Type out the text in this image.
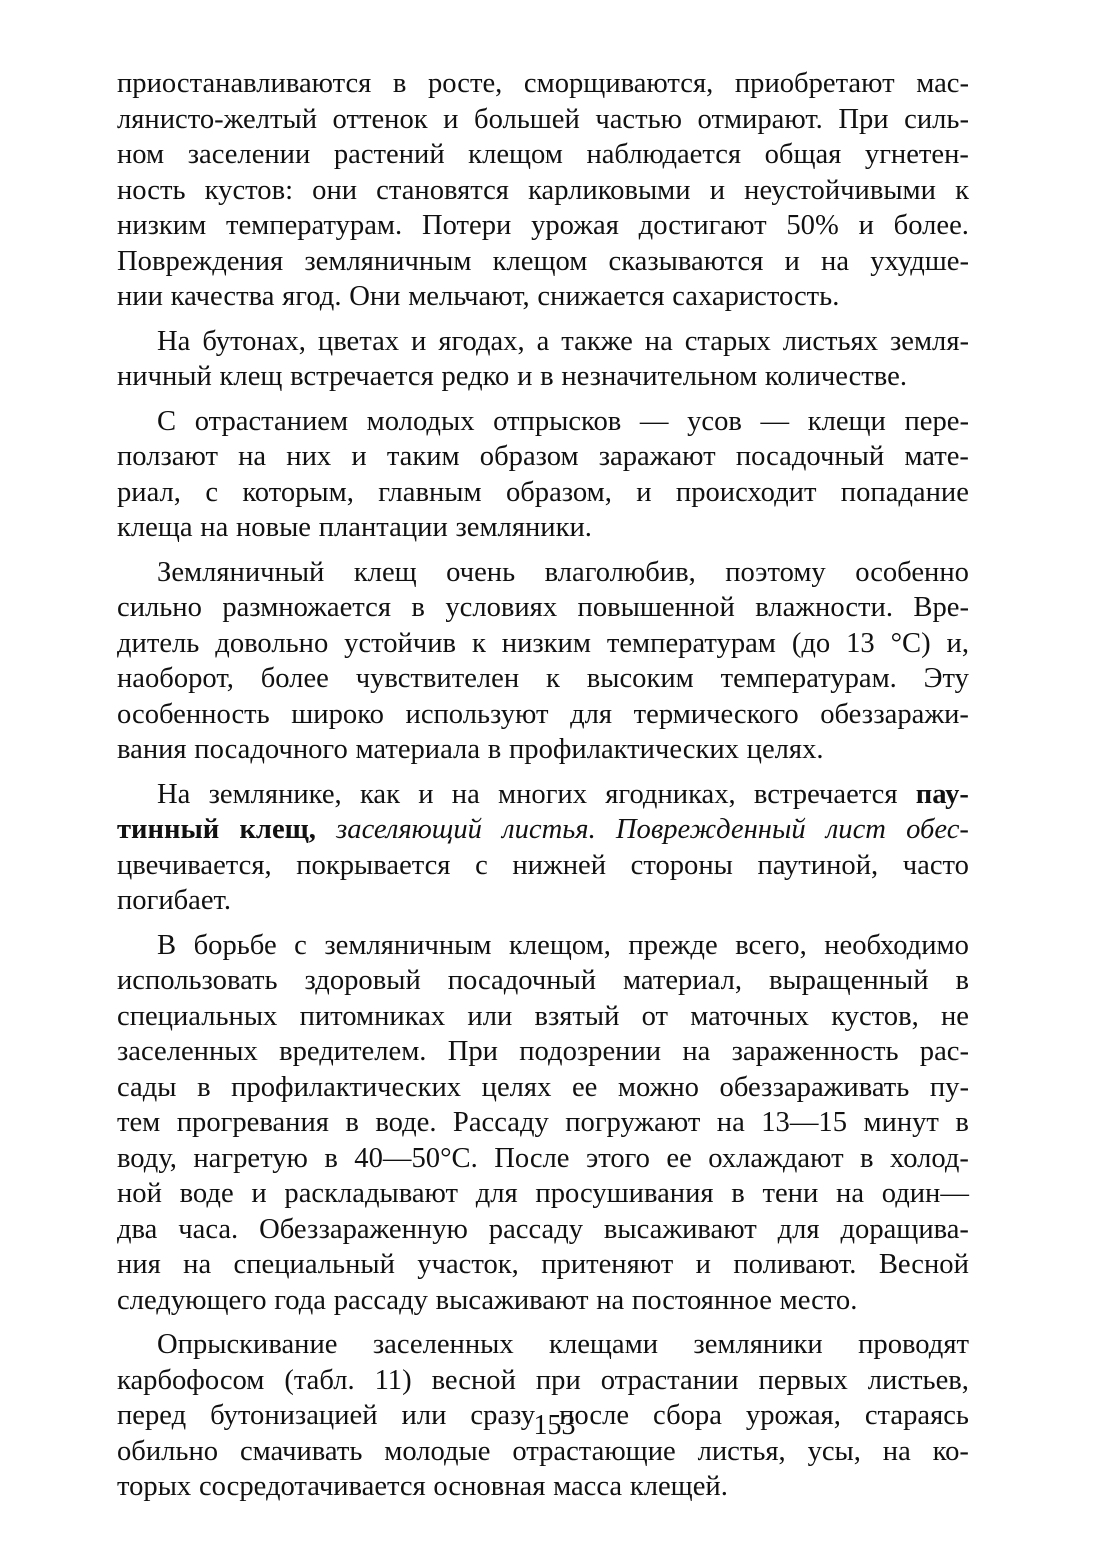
приостанавливаются в росте, сморщиваются, приобретают мас-
лянисто-желтый оттенок и большей частью отмирают. При силь-
ном заселении растений клещом наблюдается общая угнетен-
ность кустов: они становятся карликовыми и неустойчивыми к
низким температурам. Потери урожая достигают 50% и более.
Повреждения земляничным клещом сказываются и на ухудше-
нии качества ягод. Они мельчают, снижается сахаристость.
На бутонах, цветах и ягодах, а также на старых листьях земля-
ничный клещ встречается редко и в незначительном количестве.
С отрастанием молодых отпрысков — усов — клещи пере-
ползают на них и таким образом заражают посадочный мате-
риал, с которым, главным образом, и происходит попадание
клеща на новые плантации земляники.
Земляничный клещ очень влаголюбив, поэтому особенно
сильно размножается в условиях повышенной влажности. Вре-
дитель довольно устойчив к низким температурам (до 13 °С) и,
наоборот, более чувствителен к высоким температурам. Эту
особенность широко используют для термического обеззаражи-
вания посадочного материала в профилактических целях.
На землянике, как и на многих ягодниках, встречается пау-
тинный клещ, заселяющий листья. Поврежденный лист обес-
цвечивается, покрывается с нижней стороны паутиной, часто
погибает.
В борьбе с земляничным клещом, прежде всего, необходимо
использовать здоровый посадочный материал, выращенный в
специальных питомниках или взятый от маточных кустов, не
заселенных вредителем. При подозрении на зараженность рас-
сады в профилактических целях ее можно обеззараживать пу-
тем прогревания в воде. Рассаду погружают на 13—15 минут в
воду, нагретую в 40—50°С. После этого ее охлаждают в холод-
ной воде и раскладывают для просушивания в тени на один—
два часа. Обеззараженную рассаду высаживают для доращива-
ния на специальный участок, притеняют и поливают. Весной
следующего года рассаду высаживают на постоянное место.
Опрыскивание заселенных клещами земляники проводят
карбофосом (табл. 11) весной при отрастании первых листьев,
перед бутонизацией или сразу после сбора урожая, стараясь
обильно смачивать молодые отрастающие листья, усы, на ко-
торых сосредотачивается основная масса клещей.
153
